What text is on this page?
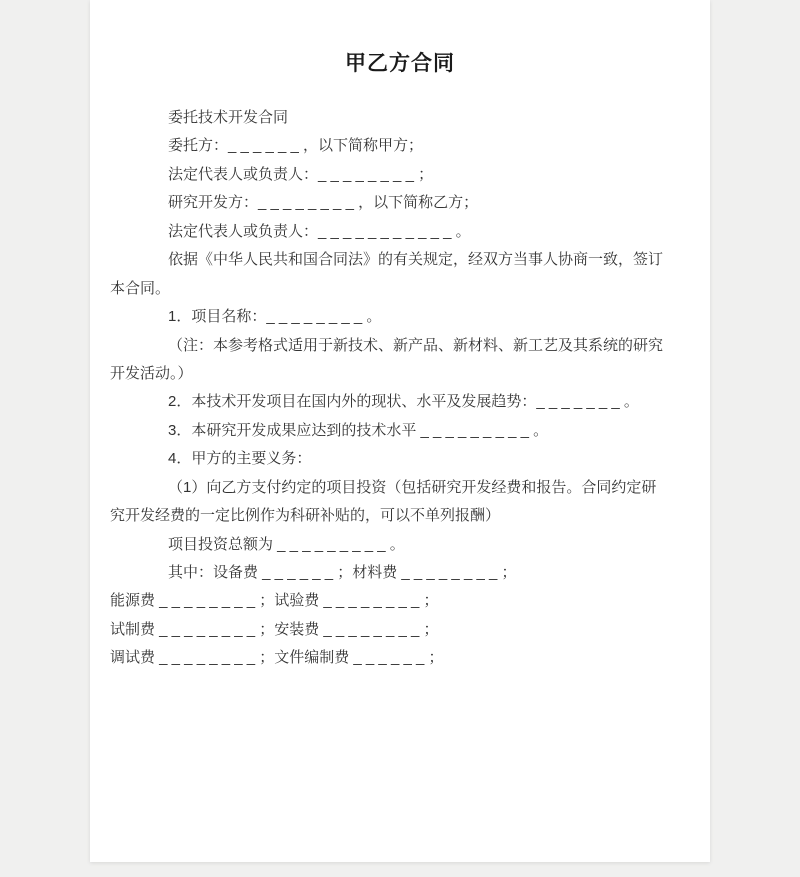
甲乙方合同
委托技术开发合同
委托方：_ _ _ _ _ _ ，以下简称甲方；
法定代表人或负责人：_ _ _ _ _ _ _ _ ；
研究开发方：_ _ _ _ _ _ _ _ ，以下简称乙方；
法定代表人或负责人：_ _ _ _ _ _ _ _ _ _ _ 。
依据《中华人民共和国合同法》的有关规定，经双方当事人协商一致，签订
本合同。
1．项目名称：_ _ _ _ _ _ _ _ 。
（注：本参考格式适用于新技术、新产品、新材料、新工艺及其系统的研究
开发活动。）
2．本技术开发项目在国内外的现状、水平及发展趋势：_ _ _ _ _ _ _ 。
3．本研究开发成果应达到的技术水平 _ _ _ _ _ _ _ _ _ 。
4．甲方的主要义务：
（1）向乙方支付约定的项目投资（包括研究开发经费和报告。合同约定研
究开发经费的一定比例作为科研补贴的，可以不单列报酬）
项目投资总额为 _ _ _ _ _ _ _ _ _ 。
其中：设备费 _ _ _ _ _ _ ；材料费 _ _ _ _ _ _ _ _ ；
能源费 _ _ _ _ _ _ _ _ ；试验费 _ _ _ _ _ _ _ _ ；
试制费 _ _ _ _ _ _ _ _ ；安装费 _ _ _ _ _ _ _ _ ；
调试费 _ _ _ _ _ _ _ _ ；文件编制费 _ _ _ _ _ _ ；
